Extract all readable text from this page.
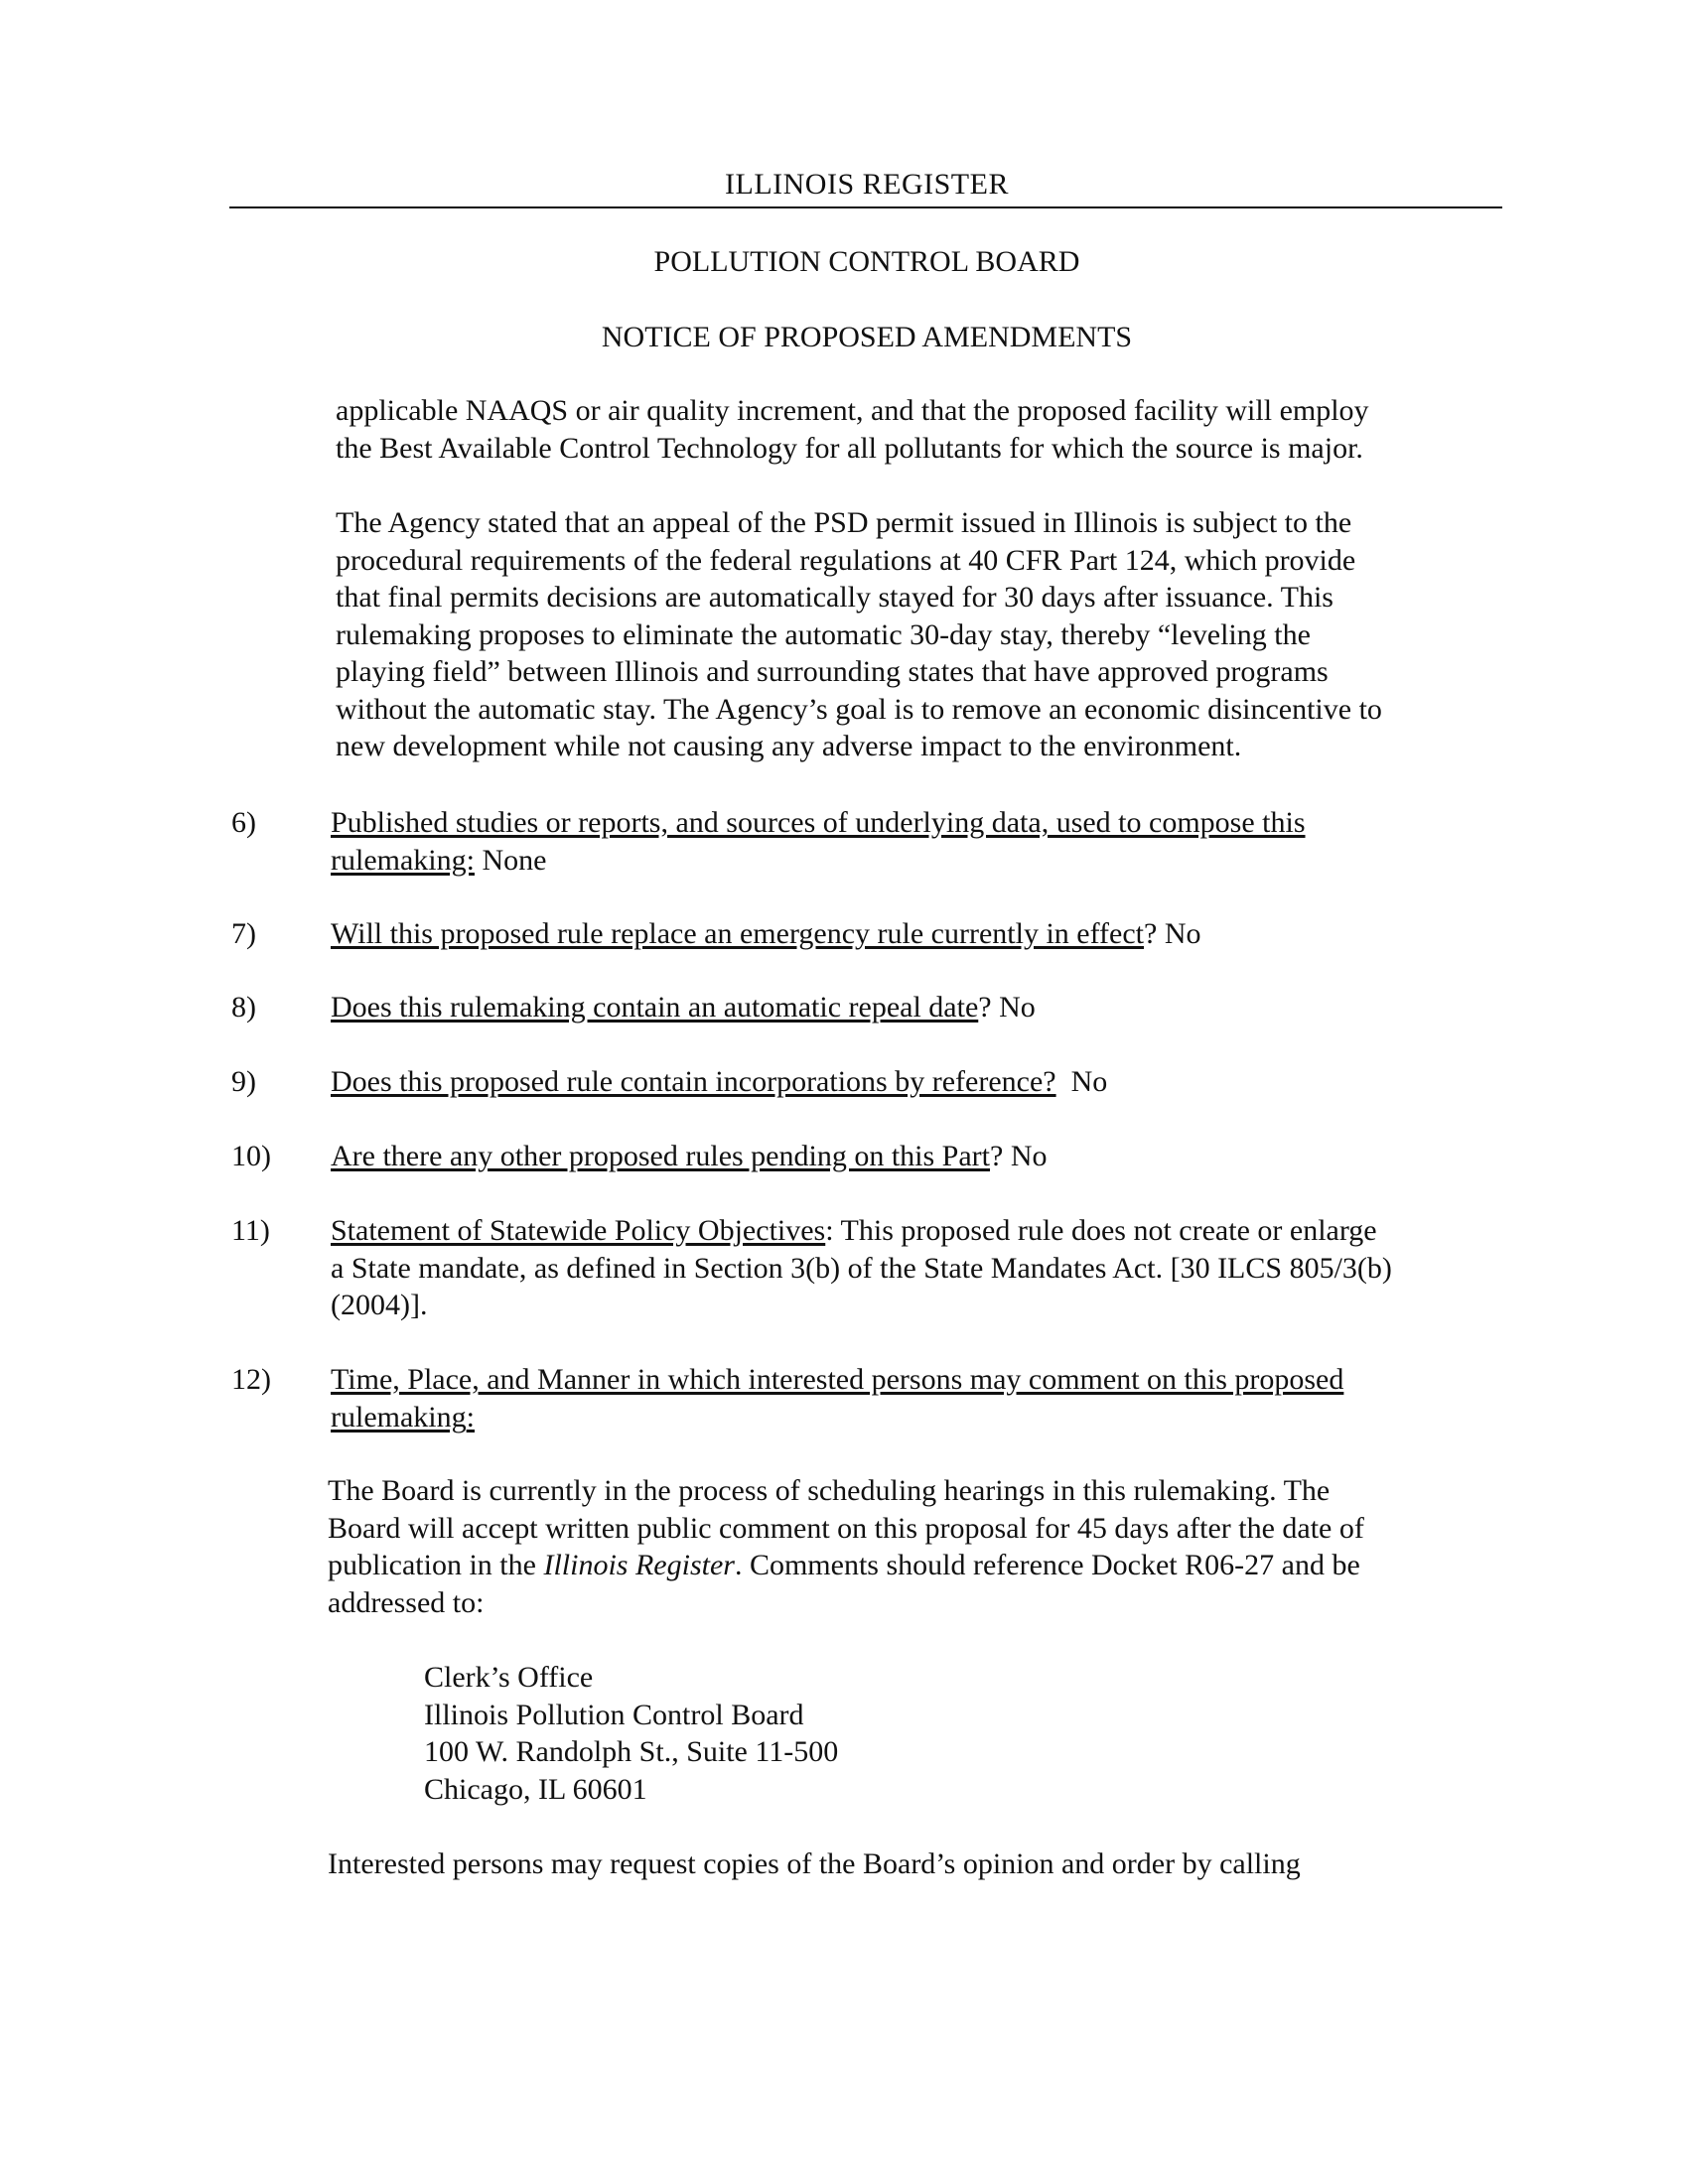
ILLINOIS REGISTER
POLLUTION CONTROL BOARD
NOTICE OF PROPOSED AMENDMENTS

applicable NAAQS or air quality increment, and that the proposed facility will employ

the Best Available Control Technology for all pollutants for which the source is major.

The Agency stated that an appeal of the PSD permit issued in Illinois is subject to the

procedural requirements of the federal regulations at 40 CFR Part 124, which provide

that final permits decisions are automatically stayed for 30 days after issuance. This

rulemaking proposes to eliminate the automatic 30-day stay, thereby “leveling the

playing field” between Illinois and surrounding states that have approved programs

without the automatic stay. The Agency’s goal is to remove an economic disincentive to

new development while not causing any adverse impact to the environment.

6)	Published studies or reports, and sources of underlying data, used to compose this
rulemaking: None
7)	Will this proposed rule replace an emergency rule currently in effect? No
8)	Does this rulemaking contain an automatic repeal date? No
9)	Does this proposed rule contain incorporations by reference? No
10) Are there any other proposed rules pending on this Part? No
11) Statement of Statewide Policy Objectives: This proposed rule does not create or enlarge
a State mandate, as defined in Section 3(b) of the State Mandates Act. [30 ILCS 805/3(b)
(2004)].
12) Time, Place, and Manner in which interested persons may comment on this proposed
rulemaking:

The Board is currently in the process of scheduling hearings in this rulemaking. The

Board will accept written public comment on this proposal for 45 days after the date of

publication in the Illinois Register. Comments should reference Docket R06-27 and be

addressed to:

Clerk’s Office
Illinois Pollution Control Board
100 W. Randolph St., Suite 11-500
Chicago, IL 60601

Interested persons may request copies of the Board’s opinion and order by calling
